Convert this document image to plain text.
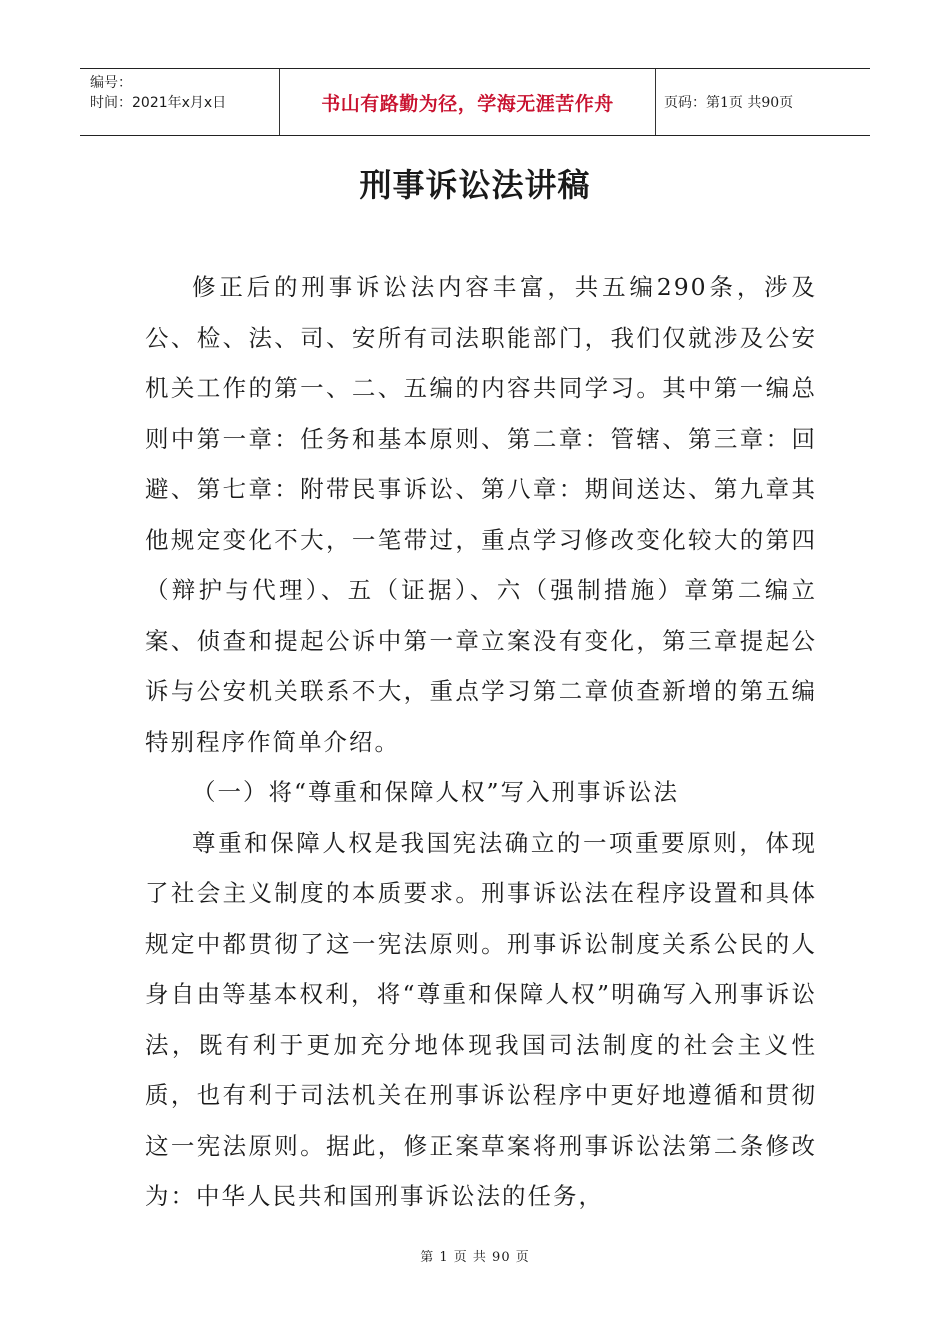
编号：
时间：2021年x月x日	书山有路勤为径，学海无涯苦作舟	页码：第1页 共90页
刑事诉讼法讲稿

修正后的刑事诉讼法内容丰富，共五编290条，涉及公、检、法、司、安所有司法职能部门，我们仅就涉及公安机关工作的第一、二、五编的内容共同学习。其中第一编总则中第一章：任务和基本原则、第二章：管辖、第三章：回避、第七章：附带民事诉讼、第八章：期间送达、第九章其他规定变化不大，一笔带过，重点学习修改变化较大的第四（辩护与代理）、五（证据）、六（强制措施）章第二编立案、侦查和提起公诉中第一章立案没有变化，第三章提起公诉与公安机关联系不大，重点学习第二章侦查新增的第五编特别程序作简单介绍。

（一）将“尊重和保障人权”写入刑事诉讼法

尊重和保障人权是我国宪法确立的一项重要原则，体现了社会主义制度的本质要求。刑事诉讼法在程序设置和具体规定中都贯彻了这一宪法原则。刑事诉讼制度关系公民的人身自由等基本权利，将“尊重和保障人权”明确写入刑事诉讼法，既有利于更加充分地体现我国司法制度的社会主义性质，也有利于司法机关在刑事诉讼程序中更好地遵循和贯彻这一宪法原则。据此，修正案草案将刑事诉讼法第二条修改为：中华人民共和国刑事诉讼法的任务，

第 1 页 共 90 页
